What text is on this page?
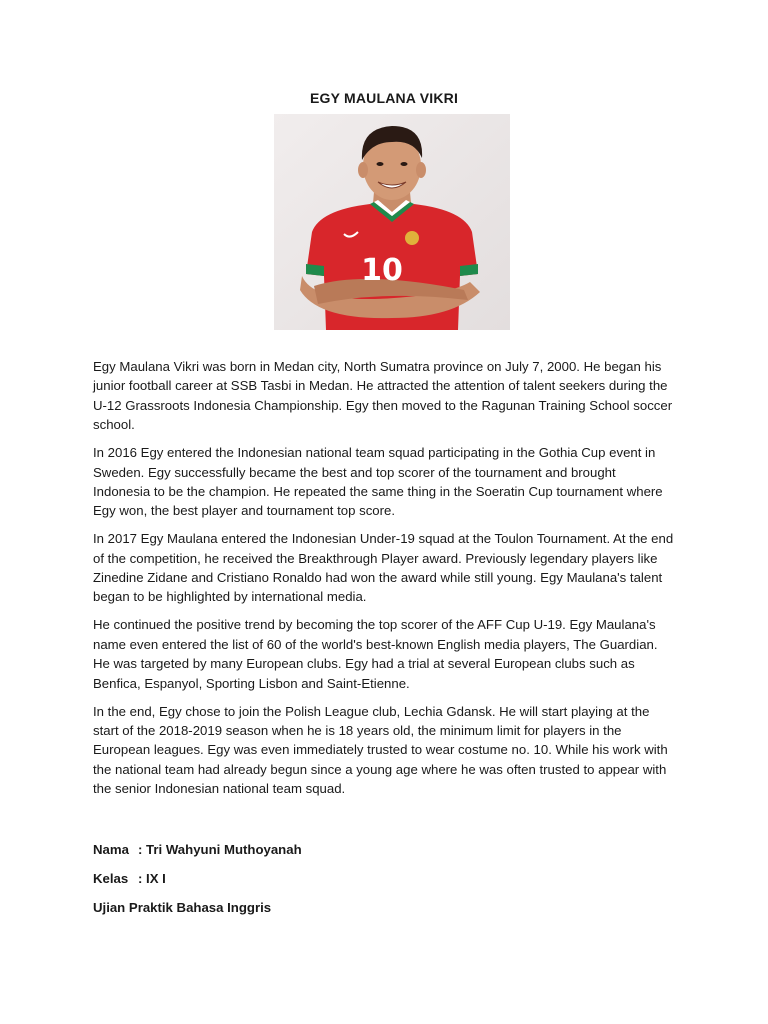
EGY MAULANA VIKRI
10

Egy Maulana Vikri was born in Medan city, North Sumatra province on July 7, 2000. He began his junior football career at SSB Tasbi in Medan. He attracted the attention of talent seekers during the U-12 Grassroots Indonesia Championship. Egy then moved to the Ragunan Training School soccer school.

In 2016 Egy entered the Indonesian national team squad participating in the Gothia Cup event in Sweden. Egy successfully became the best and top scorer of the tournament and brought Indonesia to be the champion. He repeated the same thing in the Soeratin Cup tournament where Egy won, the best player and tournament top score.

In 2017 Egy Maulana entered the Indonesian Under-19 squad at the Toulon Tournament. At the end of the competition, he received the Breakthrough Player award. Previously legendary players like Zinedine Zidane and Cristiano Ronaldo had won the award while still young. Egy Maulana's talent began to be highlighted by international media.

He continued the positive trend by becoming the top scorer of the AFF Cup U-19. Egy Maulana's name even entered the list of 60 of the world's best-known English media players, The Guardian. He was targeted by many European clubs. Egy had a trial at several European clubs such as Benfica, Espanyol, Sporting Lisbon and Saint-Etienne.

In the end, Egy chose to join the Polish League club, Lechia Gdansk. He will start playing at the start of the 2018-2019 season when he is 18 years old, the minimum limit for players in the European leagues. Egy was even immediately trusted to wear costume no. 10. While his work with the national team had already begun since a young age where he was often trusted to appear with the senior Indonesian national team squad.

Nama : Tri Wahyuni Muthoyanah
Kelas : IX I
Ujian Praktik Bahasa Inggris
